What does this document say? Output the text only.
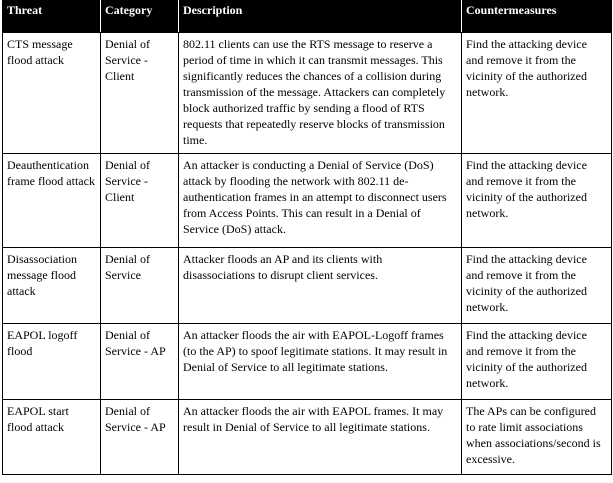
Threat	Category	Description	Countermeasures
CTS message flood attack	Denial of Service - Client	802.11 clients can use the RTS message to reserve a period of time in which it can transmit messages. This significantly reduces the chances of a collision during transmission of the message. Attackers can completely block authorized traffic by sending a flood of RTS requests that repeatedly reserve blocks of transmission time.	Find the attacking device and remove it from the vicinity of the authorized network.
Deauthentication frame flood attack	Denial of Service - Client	An attacker is conducting a Denial of Service (DoS) attack by flooding the network with 802.11 de-authentication frames in an attempt to disconnect users from Access Points. This can result in a Denial of Service (DoS) attack.	Find the attacking device and remove it from the vicinity of the authorized network.
Disassociation message flood attack	Denial of Service	Attacker floods an AP and its clients with disassociations to disrupt client services.	Find the attacking device and remove it from the vicinity of the authorized network.
EAPOL logoff flood	Denial of Service - AP	An attacker floods the air with EAPOL-Logoff frames (to the AP) to spoof legitimate stations. It may result in Denial of Service to all legitimate stations.	Find the attacking device and remove it from the vicinity of the authorized network.
EAPOL start flood attack	Denial of Service - AP	An attacker floods the air with EAPOL frames. It may result in Denial of Service to all legitimate stations.	The APs can be configured to rate limit associations when associations/second is excessive.
